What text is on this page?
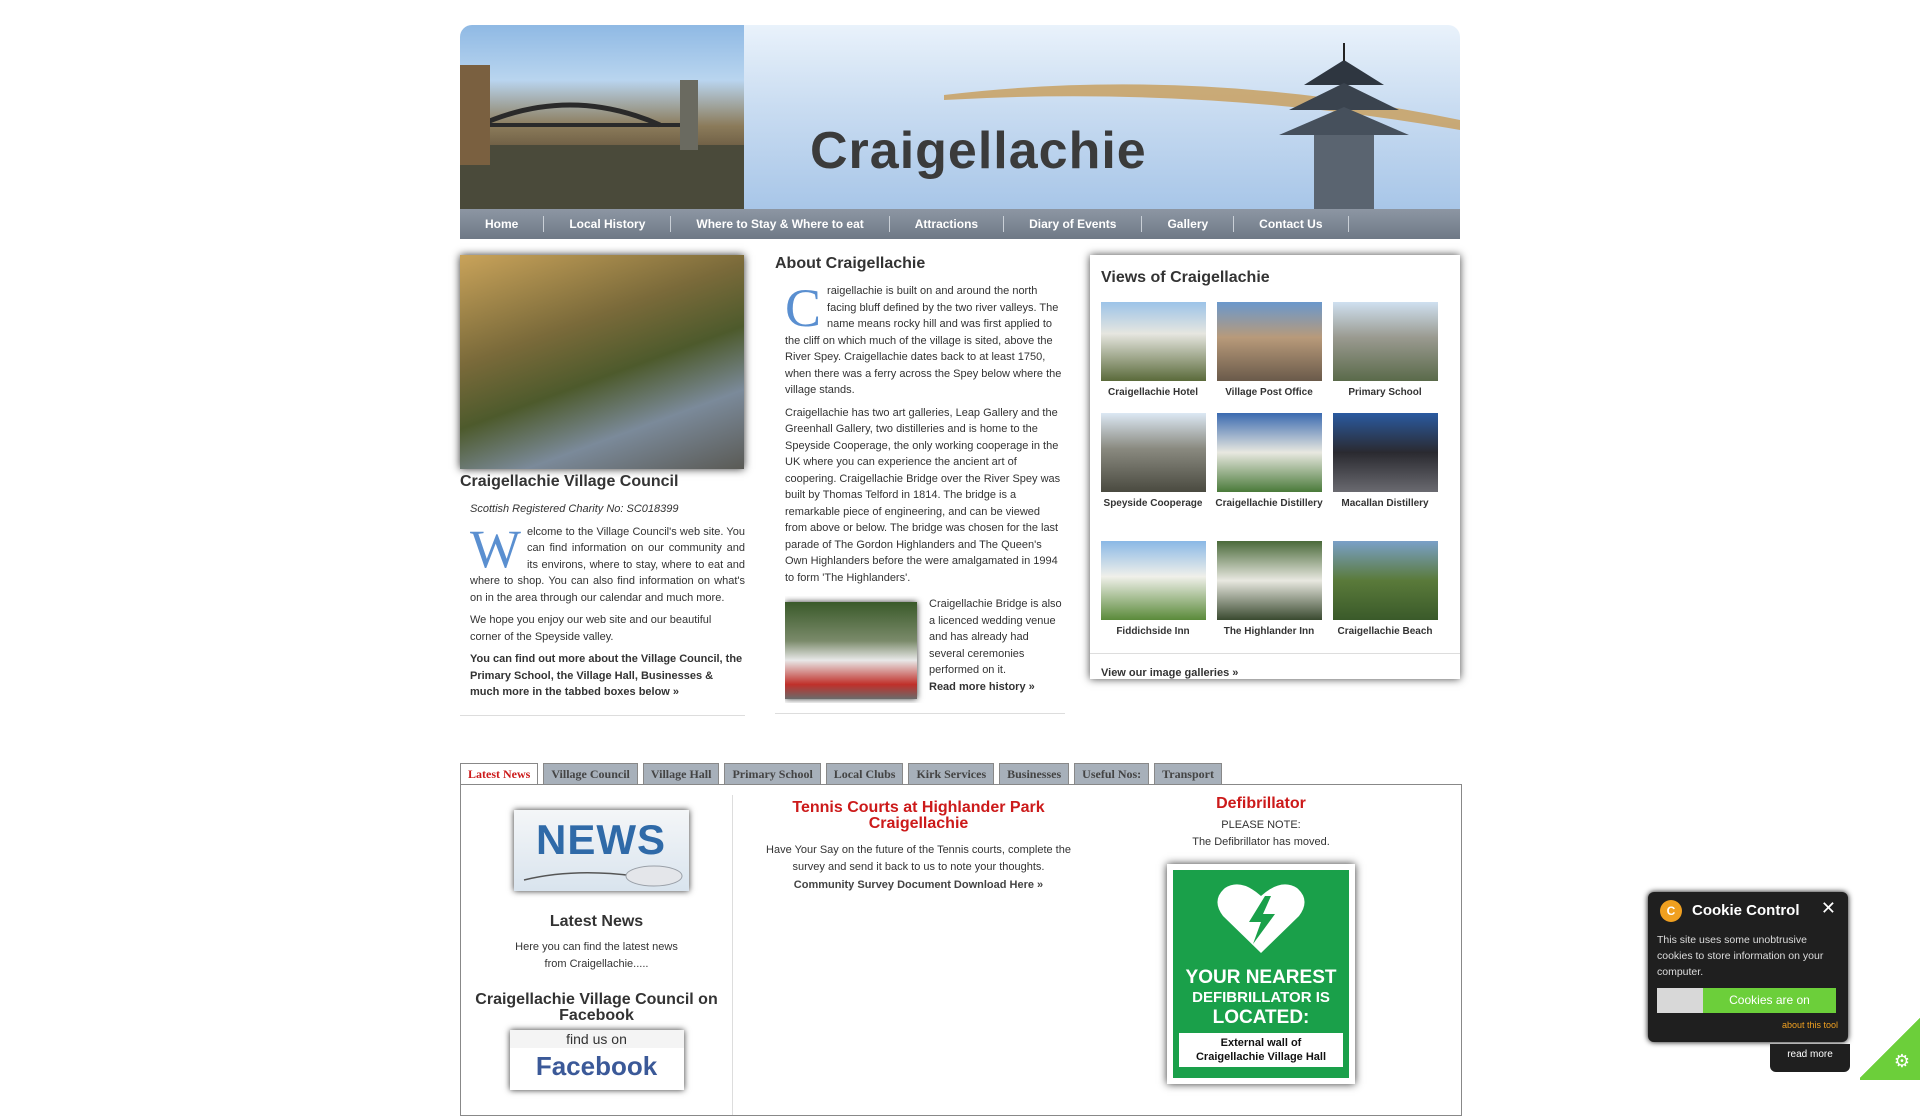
Craigellachie
Home	Local History	Where to Stay & Where to eat	Attractions	Diary of Events	Gallery	Contact Us
Craigellachie Village Council
Scottish Registered Charity No: SC018399
Welcome to the Village Council's web site. You can find information on our community and its environs, where to stay, where to eat and where to shop. You can also find information on what's on in the area through our calendar and much more.
We hope you enjoy our web site and our beautiful corner of the Speyside valley.
You can find out more about the Village Council, the Primary School, the Village Hall, Businesses & much more in the tabbed boxes below »
About Craigellachie
Craigellachie is built on and around the north facing bluff defined by the two river valleys. The name means rocky hill and was first applied to the cliff on which much of the village is sited, above the River Spey. Craigellachie dates back to at least 1750, when there was a ferry across the Spey below where the village stands.
Craigellachie has two art galleries, Leap Gallery and the Greenhall Gallery, two distilleries and is home to the Speyside Cooperage, the only working cooperage in the UK where you can experience the ancient art of coopering. Craigellachie Bridge over the River Spey was built by Thomas Telford in 1814. The bridge is a remarkable piece of engineering, and can be viewed from above or below. The bridge was chosen for the last parade of The Gordon Highlanders and The Queen's Own Highlanders before the were amalgamated in 1994 to form 'The Highlanders'.
Craigellachie Bridge is also a licenced wedding venue and has already had several ceremonies performed on it.
Read more history »
Views of Craigellachie
Craigellachie Hotel	Village Post Office	Primary School
Speyside Cooperage	Craigellachie Distillery	Macallan Distillery
Fiddichside Inn	The Highlander Inn	Craigellachie Beach
View our image galleries »
Latest News	Village Council	Village Hall	Primary School	Local Clubs	Kirk Services	Businesses	Useful Nos:	Transport
NEWS
Latest News
Here you can find the latest news from Craigellachie.....
Craigellachie Village Council on Facebook
find us on
Facebook
Tennis Courts at Highlander Park Craigellachie
Have Your Say on the future of the Tennis courts, complete the survey and send it back to us to note your thoughts.
Community Survey Document Download Here »
Defibrillator
PLEASE NOTE:
The Defibrillator has moved.
YOUR NEAREST
DEFIBRILLATOR IS
LOCATED:
External wall of
Craigellachie Village Hall
C	Cookie Control ✕
This site uses some unobtrusive cookies to store information on your computer.
Cookies are on
about this tool
read more	⚙
